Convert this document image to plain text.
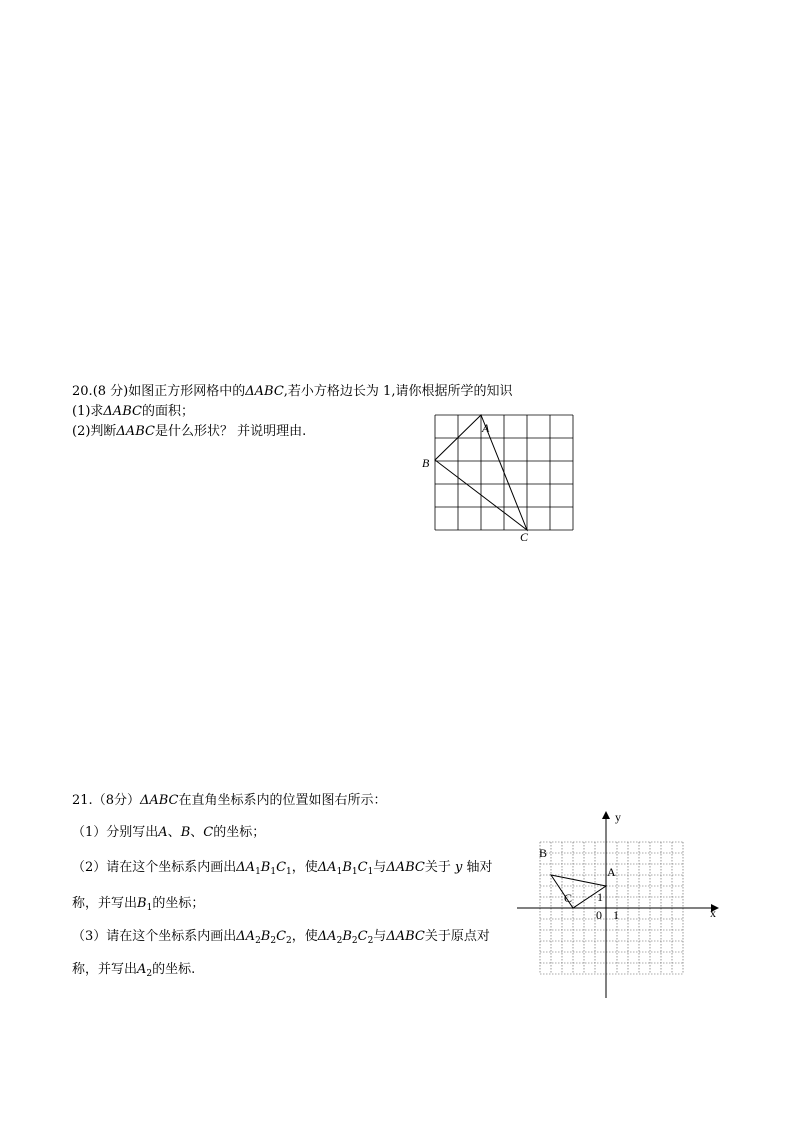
20.(8 分)如图正方形网格中的ΔABC,若小方格边长为 1,请你根据所学的知识
(1)求ΔABC的面积；
(2)判断ΔABC是什么形状？ 并说明理由.	A
B
C
21.（8分）ΔABC在直角坐标系内的位置如图右所示：
（1）分别写出A、B、C的坐标；
（2）请在这个坐标系内画出$\Delta A_1B_1C_1$，使$\Delta A_1B_1C_1$与ΔABC关于 y 轴对
称，并写出$B_1$的坐标；
（3）请在这个坐标系内画出$\Delta A_2B_2C_2$，使$\Delta A_2B_2C_2$与ΔABC关于原点对
称，并写出$A_2$的坐标.
y
x
0 1
1
B
A
C
